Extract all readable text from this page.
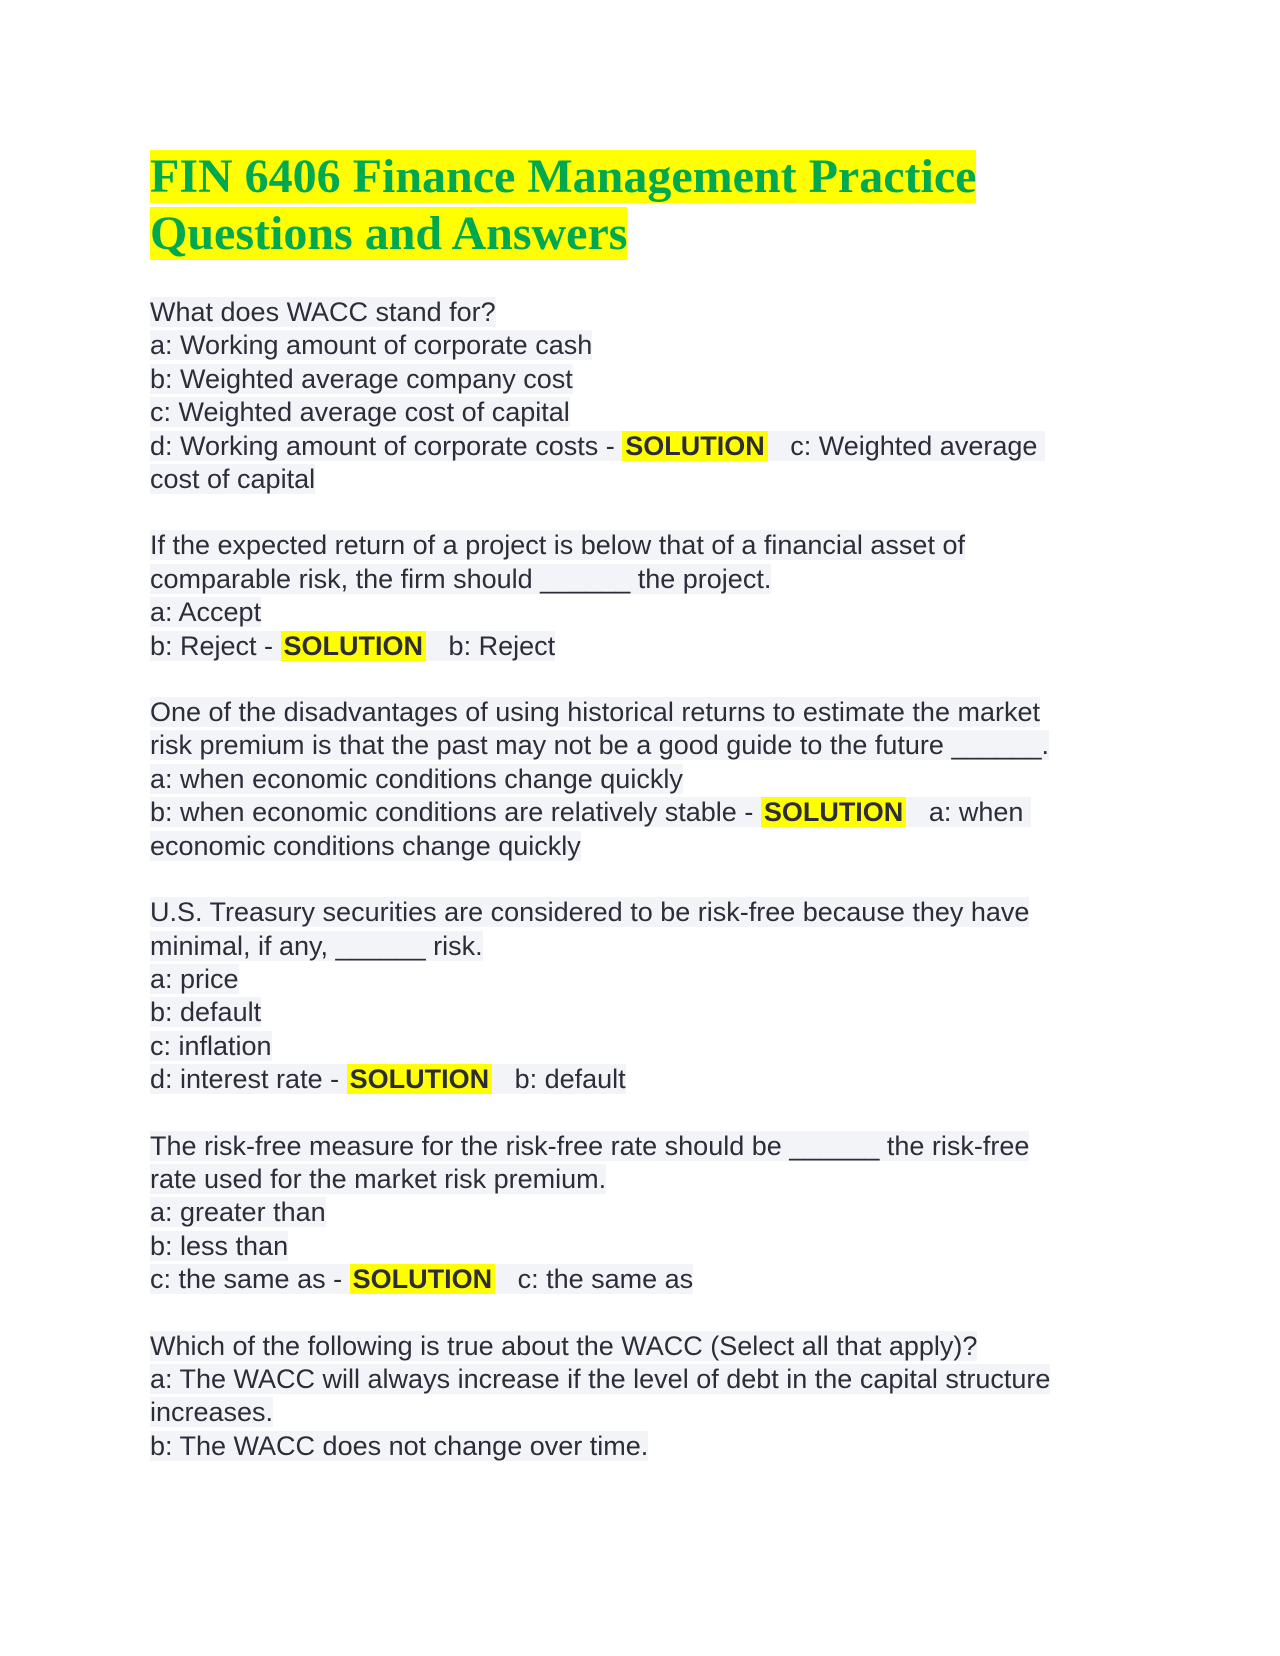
FIN 6406 Finance Management Practice
Questions and Answers
What does WACC stand for?
a: Working amount of corporate cash
b: Weighted average company cost
c: Weighted average cost of capital
d: Working amount of corporate costs - SOLUTION   c: Weighted average
cost of capital
If the expected return of a project is below that of a financial asset of
comparable risk, the firm should ______ the project.
a: Accept
b: Reject - SOLUTION   b: Reject
One of the disadvantages of using historical returns to estimate the market
risk premium is that the past may not be a good guide to the future ______.
a: when economic conditions change quickly
b: when economic conditions are relatively stable - SOLUTION   a: when
economic conditions change quickly
U.S. Treasury securities are considered to be risk-free because they have
minimal, if any, ______ risk.
a: price
b: default
c: inflation
d: interest rate - SOLUTION   b: default
The risk-free measure for the risk-free rate should be ______ the risk-free
rate used for the market risk premium.
a: greater than
b: less than
c: the same as - SOLUTION   c: the same as
Which of the following is true about the WACC (Select all that apply)?
a: The WACC will always increase if the level of debt in the capital structure
increases.
b: The WACC does not change over time.
